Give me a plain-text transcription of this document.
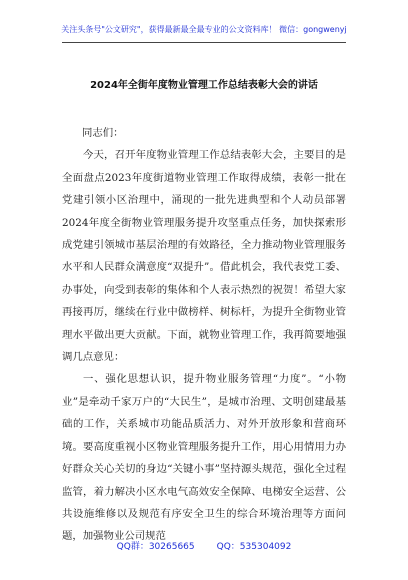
关注头条号"公文研究"，获得最新最全最专业的公文资料库！ 微信：gongwenyj
2024年全街年度物业管理工作总结表彰大会的讲话

同志们：

今天，召开年度物业管理工作总结表彰大会，主要目的是全面盘点2023年度街道物业管理工作取得成绩，表彰一批在党建引领小区治理中，涌现的一批先进典型和个人动员部署2024年度全街物业管理服务提升攻坚重点任务，加快探索形成党建引领城市基层治理的有效路径，全力推动物业管理服务水平和人民群众满意度“双提升”。借此机会，我代表党工委、办事处，向受到表彰的集体和个人表示热烈的祝贺！希望大家再接再厉，继续在行业中做榜样、树标杆，为提升全街物业管理水平做出更大贡献。下面，就物业管理工作，我再简要地强调几点意见：

一、强化思想认识，提升物业服务管理“力度”。“小物业”是牵动千家万户的“大民生”，是城市治理、文明创建最基础的工作，关系城市功能品质活力、对外开放形象和营商环境。要高度重视小区物业管理服务提升工作，用心用情用力办好群众关心关切的身边“关键小事”坚持源头规范，强化全过程监管，着力解决小区水电气高效安全保障、电梯安全运营、公共设施维修以及规范有序安全卫生的综合环境治理等方面问题，加强物业公司规范

QQ群：30265665 QQ：535304092
